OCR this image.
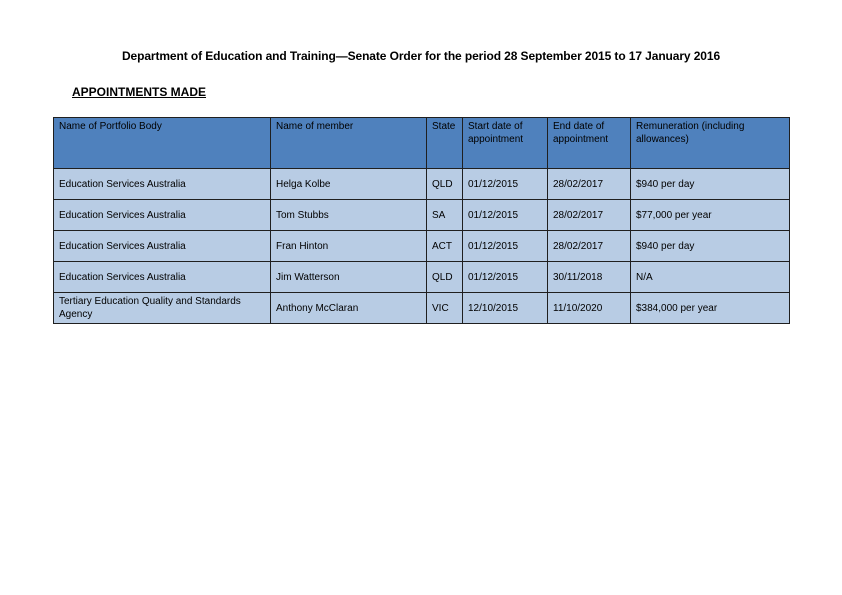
Department of Education and Training—Senate Order for the period 28 September 2015 to 17 January 2016
APPOINTMENTS MADE
Name of Portfolio Body	Name of member	State	Start date of appointment	End date of appointment	Remuneration (including allowances)
Education Services Australia	Helga Kolbe	QLD	01/12/2015	28/02/2017	$940 per day
Education Services Australia	Tom Stubbs	SA	01/12/2015	28/02/2017	$77,000 per year
Education Services Australia	Fran Hinton	ACT	01/12/2015	28/02/2017	$940 per day
Education Services Australia	Jim Watterson	QLD	01/12/2015	30/11/2018	N/A
Tertiary Education Quality and Standards Agency	Anthony McClaran	VIC	12/10/2015	11/10/2020	$384,000 per year
